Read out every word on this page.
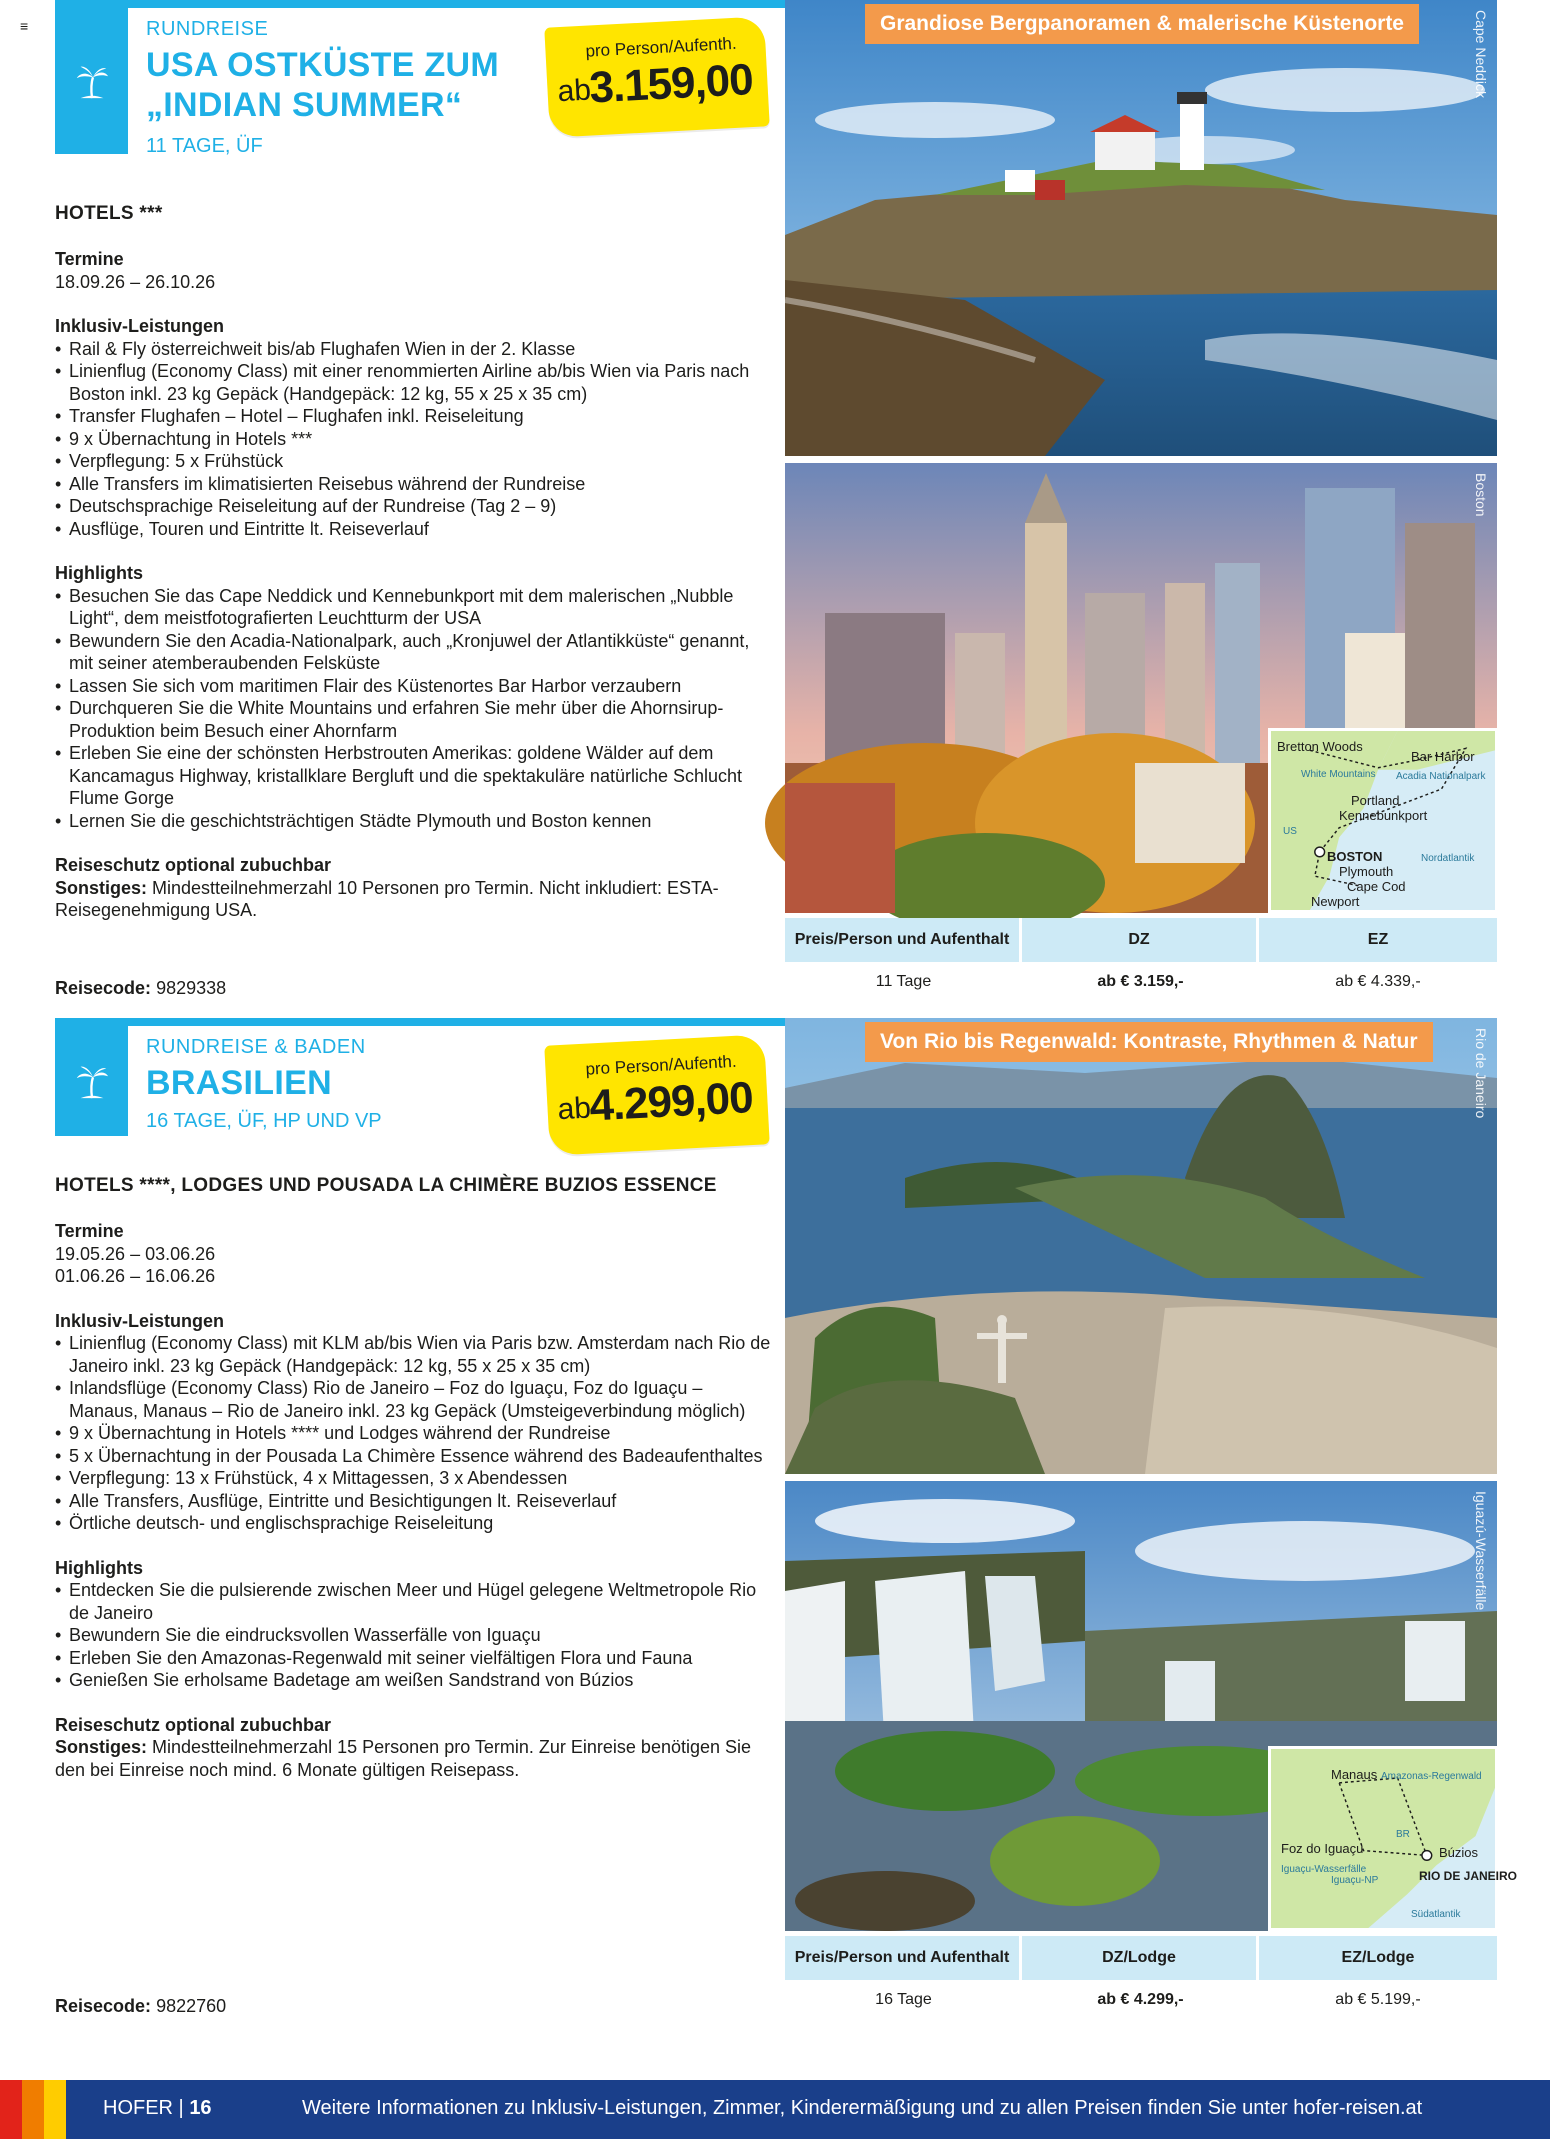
≡	RUNDREISE
USA OSTKÜSTE ZUM
„INDIAN SUMMER“
11 TAGE, ÜF
pro Person/Aufenth.
ab
3.159,00
HOTELS ***
Termine
18.09.26 – 26.10.26
Inklusiv-Leistungen
• Rail & Fly österreichweit bis/ab Flughafen Wien in der 2. Klasse
• Linienflug (Economy Class) mit einer renommierten Airline ab/bis Wien via Paris nach Boston inkl. 23 kg Gepäck (Handgepäck: 12 kg, 55 x 25 x 35 cm)
• Transfer Flughafen – Hotel – Flughafen inkl. Reiseleitung
• 9 x Übernachtung in Hotels ***
• Verpflegung: 5 x Frühstück
• Alle Transfers im klimatisierten Reisebus während der Rundreise
• Deutschsprachige Reiseleitung auf der Rundreise (Tag 2 – 9)
• Ausflüge, Touren und Eintritte lt. Reiseverlauf
Highlights
• Besuchen Sie das Cape Neddick und Kennebunkport mit dem malerischen „Nubble Light“, dem meistfotografierten Leuchtturm der USA
• Bewundern Sie den Acadia-Nationalpark, auch „Kronjuwel der Atlantikküste“ genannt, mit seiner atemberaubenden Felsküste
• Lassen Sie sich vom maritimen Flair des Küstenortes Bar Harbor verzaubern
• Durchqueren Sie die White Mountains und erfahren Sie mehr über die Ahornsirup-Produktion beim Besuch einer Ahornfarm
• Erleben Sie eine der schönsten Herbstrouten Amerikas: goldene Wälder auf dem Kancamagus Highway, kristallklare Bergluft und die spektakuläre natürliche Schlucht Flume Gorge
• Lernen Sie die geschichtsträchtigen Städte Plymouth und Boston kennen
Reiseschutz optional zubuchbar
Sonstiges: Mindestteilnehmerzahl 10 Personen pro Termin. Nicht inkludiert: ESTA-Reisegenehmigung USA.
Reisecode: 9829338
Cape Neddick
Grandiose Bergpanoramen & malerische Küstenorte
Boston
Bretton Woods
White Mountains
Bar Harbor
Acadia Nationalpark
Portland
Kennebunkport
BOSTON
Plymouth
Cape Cod
Newport
US
Nordatlantik
Preis/Person und Aufenthalt	DZ	EZ
11 Tage	ab € 3.159,-	ab € 4.339,-
RUNDREISE & BADEN
BRASILIEN
16 TAGE, ÜF, HP UND VP
pro Person/Aufenth.
ab
4.299,00
HOTELS ****, LODGES UND POUSADA LA CHIMÈRE BUZIOS ESSENCE
Termine
19.05.26 – 03.06.26
01.06.26 – 16.06.26
Inklusiv-Leistungen
• Linienflug (Economy Class) mit KLM ab/bis Wien via Paris bzw. Amsterdam nach Rio de Janeiro inkl. 23 kg Gepäck (Handgepäck: 12 kg, 55 x 25 x 35 cm)
• Inlandsflüge (Economy Class) Rio de Janeiro – Foz do Iguaçu, Foz do Iguaçu – Manaus, Manaus – Rio de Janeiro inkl. 23 kg Gepäck (Umsteigeverbindung möglich)
• 9 x Übernachtung in Hotels **** und Lodges während der Rundreise
• 5 x Übernachtung in der Pousada La Chimère Essence während des Badeaufenthaltes
• Verpflegung: 13 x Frühstück, 4 x Mittagessen, 3 x Abendessen
• Alle Transfers, Ausflüge, Eintritte und Besichtigungen lt. Reiseverlauf
• Örtliche deutsch- und englischsprachige Reiseleitung
Highlights
• Entdecken Sie die pulsierende zwischen Meer und Hügel gelegene Weltmetropole Rio de Janeiro
• Bewundern Sie die eindrucksvollen Wasserfälle von Iguaçu
• Erleben Sie den Amazonas-Regenwald mit seiner vielfältigen Flora und Fauna
• Genießen Sie erholsame Badetage am weißen Sandstrand von Búzios
Reiseschutz optional zubuchbar
Sonstiges: Mindestteilnehmerzahl 15 Personen pro Termin. Zur Einreise benötigen Sie den bei Einreise noch mind. 6 Monate gültigen Reisepass.
Reisecode: 9822760
Rio de Janeiro
Von Rio bis Regenwald: Kontraste, Rhythmen & Natur
Iguazú-Wasserfälle
Manaus Amazonas-Regenwald
BR
Foz do Iguaçu
Iguaçu-Wasserfälle
Iguaçu-NP
Búzios
RIO DE JANEIRO
Südatlantik
Preis/Person und Aufenthalt	DZ/Lodge	EZ/Lodge
16 Tage	ab € 4.299,-	ab € 5.199,-
HOFER | 16	Weitere Informationen zu Inklusiv-Leistungen, Zimmer, Kinderermäßigung und zu allen Preisen finden Sie unter hofer-reisen.at
